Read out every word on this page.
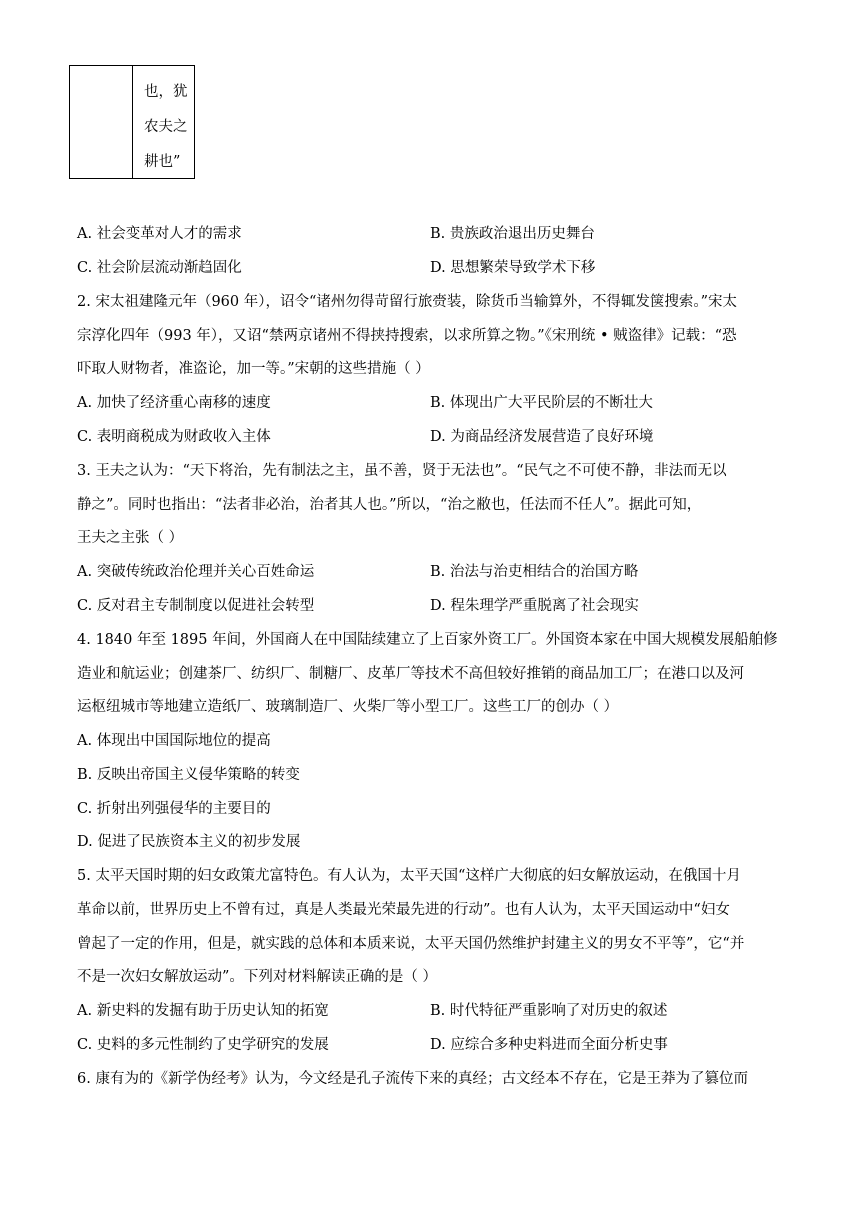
也，犹
农夫之
耕也”
A. 社会变革对人才的需求	B. 贵族政治退出历史舞台
C. 社会阶层流动渐趋固化	D. 思想繁荣导致学术下移
2. 宋太祖建隆元年（960 年），诏令“诸州勿得苛留行旅赍装，除货币当输算外，不得辄发箧搜索。”宋太
宗淳化四年（993 年），又诏“禁两京诸州不得挟持搜索，以求所算之物。”《宋刑统 • 贼盗律》记载：“恐
吓取人财物者，准盗论，加一等。”宋朝的这些措施（ ）
A. 加快了经济重心南移的速度	B. 体现出广大平民阶层的不断壮大
C. 表明商税成为财政收入主体	D. 为商品经济发展营造了良好环境
3. 王夫之认为：“天下将治，先有制法之主，虽不善，贤于无法也”。“民气之不可使不静，非法而无以
静之”。同时也指出：“法者非必治，治者其人也。”所以，“治之敝也，任法而不任人”。据此可知，
王夫之主张（ ）
A. 突破传统政治伦理并关心百姓命运	B. 治法与治吏相结合的治国方略
C. 反对君主专制制度以促进社会转型	D. 程朱理学严重脱离了社会现实
4. 1840 年至 1895 年间，外国商人在中国陆续建立了上百家外资工厂。外国资本家在中国大规模发展船舶修
造业和航运业；创建茶厂、纺织厂、制糖厂、皮革厂等技术不高但较好推销的商品加工厂；在港口以及河
运枢纽城市等地建立造纸厂、玻璃制造厂、火柴厂等小型工厂。这些工厂的创办（ ）
A. 体现出中国国际地位的提高
B. 反映出帝国主义侵华策略的转变
C. 折射出列强侵华的主要目的
D. 促进了民族资本主义的初步发展
5. 太平天国时期的妇女政策尤富特色。有人认为，太平天国“这样广大彻底的妇女解放运动，在俄国十月
革命以前，世界历史上不曾有过，真是人类最光荣最先进的行动”。也有人认为，太平天国运动中“妇女
曾起了一定的作用，但是，就实践的总体和本质来说，太平天国仍然维护封建主义的男女不平等”，它“并
不是一次妇女解放运动”。下列对材料解读正确的是（ ）
A. 新史料的发掘有助于历史认知的拓宽	B. 时代特征严重影响了对历史的叙述
C. 史料的多元性制约了史学研究的发展	D. 应综合多种史料进而全面分析史事
6. 康有为的《新学伪经考》认为，今文经是孔子流传下来的真经；古文经本不存在，它是王莽为了篡位而
